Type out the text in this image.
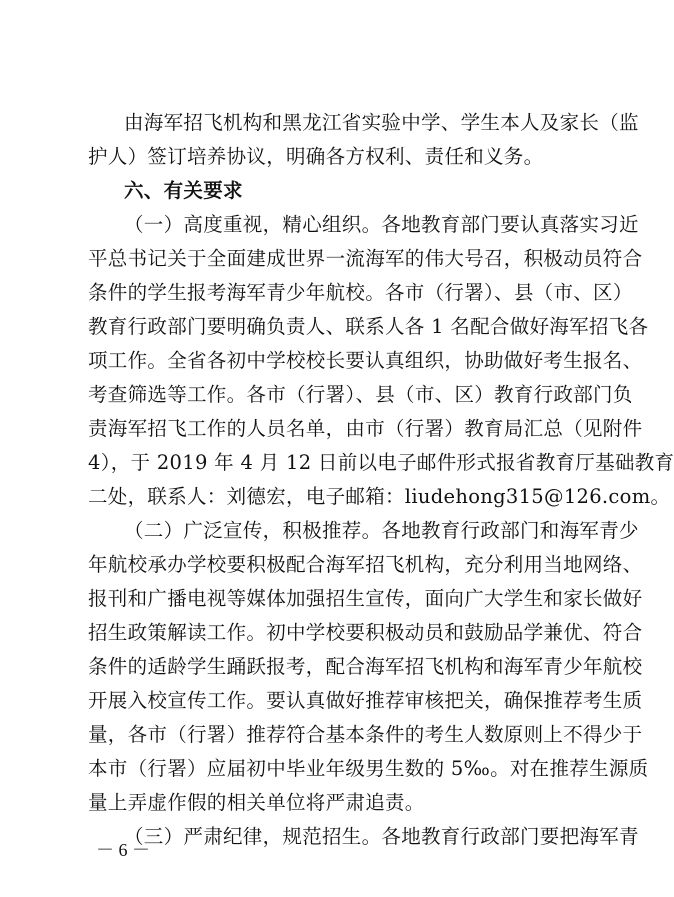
由海军招飞机构和黑龙江省实验中学、学生本人及家长（监
护人）签订培养协议，明确各方权利、责任和义务。
六、有关要求
（一）高度重视，精心组织。各地教育部门要认真落实习近
平总书记关于全面建成世界一流海军的伟大号召，积极动员符合
条件的学生报考海军青少年航校。各市（行署）、县（市、区）
教育行政部门要明确负责人、联系人各 1 名配合做好海军招飞各
项工作。全省各初中学校校长要认真组织，协助做好考生报名、
考查筛选等工作。各市（行署）、县（市、区）教育行政部门负
责海军招飞工作的人员名单，由市（行署）教育局汇总（见附件
4），于 2019 年 4 月 12 日前以电子邮件形式报省教育厅基础教育
二处，联系人：刘德宏，电子邮箱：liudehong315@126.com。
（二）广泛宣传，积极推荐。各地教育行政部门和海军青少
年航校承办学校要积极配合海军招飞机构，充分利用当地网络、
报刊和广播电视等媒体加强招生宣传，面向广大学生和家长做好
招生政策解读工作。初中学校要积极动员和鼓励品学兼优、符合
条件的适龄学生踊跃报考，配合海军招飞机构和海军青少年航校
开展入校宣传工作。要认真做好推荐审核把关，确保推荐考生质
量，各市（行署）推荐符合基本条件的考生人数原则上不得少于
本市（行署）应届初中毕业年级男生数的 5‰。对在推荐生源质
量上弄虚作假的相关单位将严肃追责。
（三）严肃纪律，规范招生。各地教育行政部门要把海军青
－ 6 －
